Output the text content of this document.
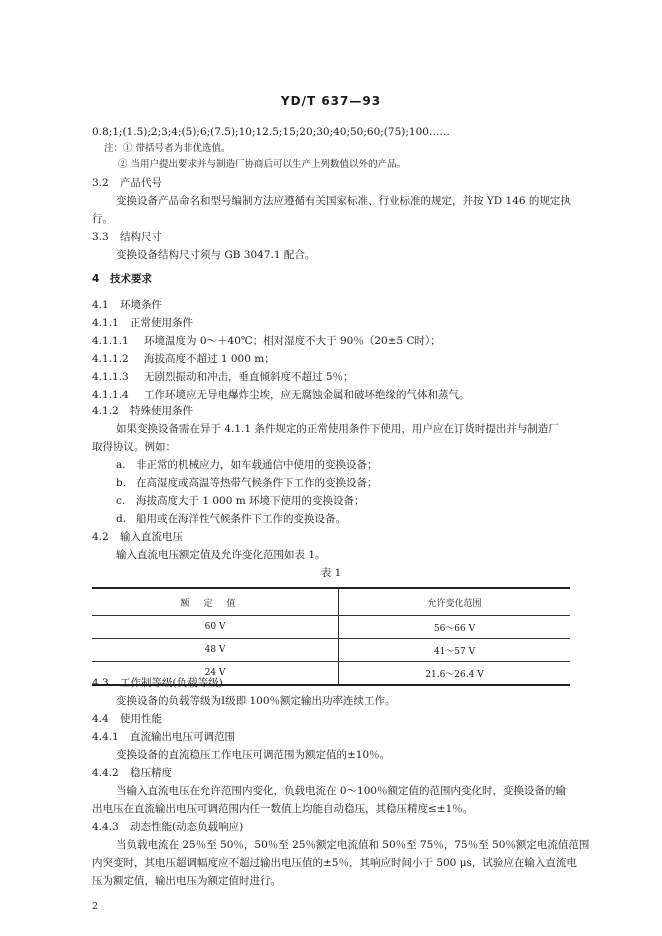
YD/T 637—93
0.8;1;(1.5);2;3;4;(5);6;(7.5);10;12.5;15;20;30;40;50;60;(75);100……
注：① 带括号者为非优选值。
② 当用户提出要求并与制造厂协商后可以生产上列数值以外的产品。
3.2 产品代号
变换设备产品命名和型号编制方法应遵循有关国家标准、行业标准的规定，并按 YD 146 的规定执
行。
3.3 结构尺寸
变换设备结构尺寸须与 GB 3047.1 配合。
4 技术要求
4.1 环境条件
4.1.1 正常使用条件
4.1.1.1 环境温度为 0～＋40℃；相对湿度不大于 90％（20±5 C时）；
4.1.1.2 海拔高度不超过 1 000 m；
4.1.1.3 无剧烈振动和冲击，垂直倾斜度不超过 5％；
4.1.1.4 工作环境应无导电爆炸尘埃，应无腐蚀金属和破坏绝缘的气体和蒸气。
4.1.2 特殊使用条件
如果变换设备需在异于 4.1.1 条件规定的正常使用条件下使用，用户应在订货时提出并与制造厂
取得协议。例如：
a. 非正常的机械应力，如车载通信中使用的变换设备；
b. 在高湿度或高温等热带气候条件下工作的变换设备；
c. 海拔高度大于 1 000 m 环境下使用的变换设备；
d. 船用或在海洋性气候条件下工作的变换设备。
4.2 输入直流电压
输入直流电压额定值及允许变化范围如表 1。
表 1
额定值	允许变化范围
60 V	56～66 V
48 V	41～57 V
24 V	21.6～26.4 V
4.3 工作制等级(负载等级)
变换设备的负载等级为Ⅰ级即 100％额定输出功率连续工作。
4.4 使用性能
4.4.1 直流输出电压可调范围
变换设备的直流稳压工作电压可调范围为额定值的±10％。
4.4.2 稳压精度
当输入直流电压在允许范围内变化，负载电流在 0～100％额定值的范围内变化时，变换设备的输
出电压在直流输出电压可调范围内任一数值上均能自动稳压，其稳压精度≤±1％。
4.4.3 动态性能(动态负载响应)
当负载电流在 25％至 50％，50％至 25％额定电流值和 50％至 75％，75％至 50％额定电流值范围
内突变时，其电压超调幅度应不超过输出电压值的±5％，其响应时间小于 500 μs，试验应在输入直流电
压为额定值，输出电压为额定值时进行。
2
